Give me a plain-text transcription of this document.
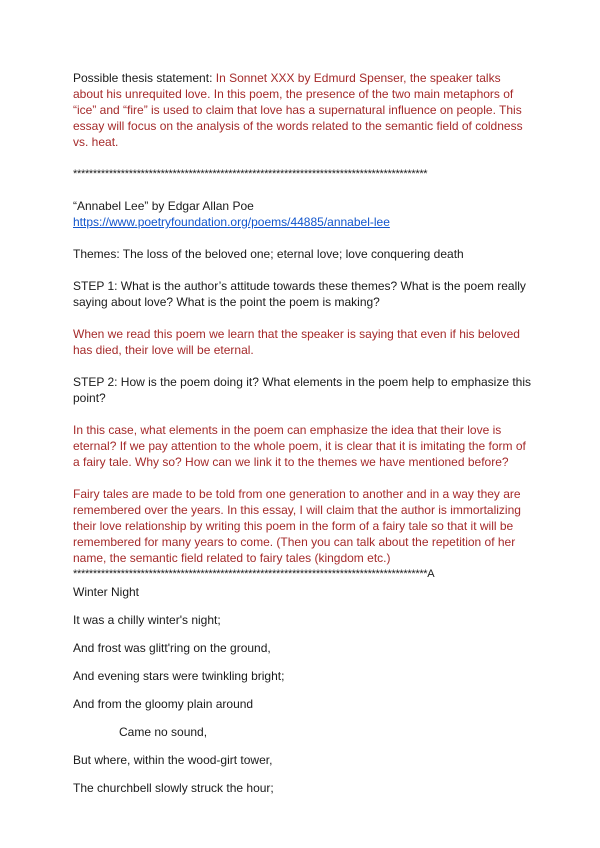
Possible thesis statement: In Sonnet XXX by Edmurd Spenser, the speaker talks about his unrequited love. In this poem, the presence of the two main metaphors of “ice” and “fire” is used to claim that love has a supernatural influence on people. This essay will focus on the analysis of the words related to the semantic field of coldness vs. heat.

*****************************************************************************************

“Annabel Lee” by Edgar Allan Poe

https://www.poetryfoundation.org/poems/44885/annabel-lee

Themes: The loss of the beloved one; eternal love; love conquering death

STEP 1: What is the author’s attitude towards these themes? What is the poem really saying about love? What is the point the poem is making?

When we read this poem we learn that the speaker is saying that even if his beloved has died, their love will be eternal.

STEP 2: How is the poem doing it? What elements in the poem help to emphasize this point?

In this case, what elements in the poem can emphasize the idea that their love is eternal? If we pay attention to the whole poem, it is clear that it is imitating the form of a fairy tale. Why so? How can we link it to the themes we have mentioned before?

Fairy tales are made to be told from one generation to another and in a way they are remembered over the years. In this essay, I will claim that the author is immortalizing their love relationship by writing this poem in the form of a fairy tale so that it will be remembered for many years to come. (Then you can talk about the repetition of her name, the semantic field related to fairy tales (kingdom etc.)

*****************************************************************************************A

Winter Night

It was a chilly winter's night;

And frost was glitt'ring on the ground,

And evening stars were twinkling bright;

And from the gloomy plain around

Came no sound,

But where, within the wood-girt tower,

The churchbell slowly struck the hour;
